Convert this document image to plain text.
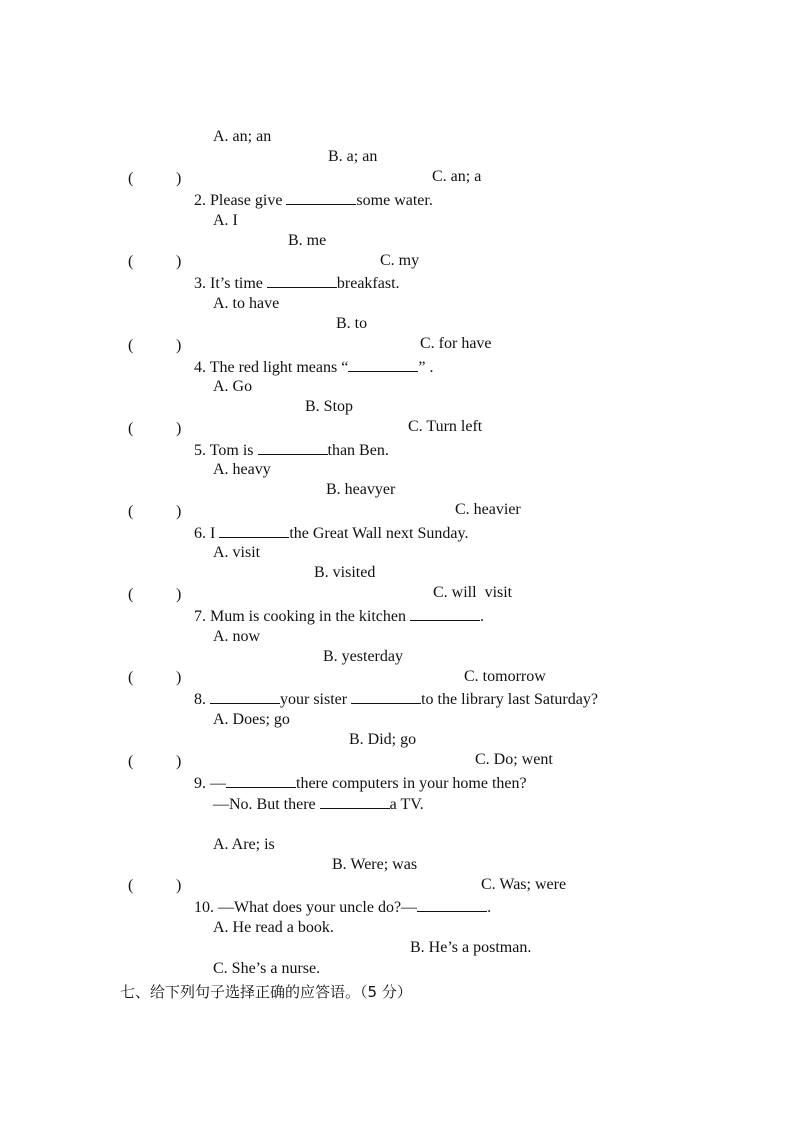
A. an; an

B. a; an

C. an; a

(	)

2. Please give	some water.

A. I

B. me

C. my

(	)

3. It’s time	breakfast.

A. to have

B. to

C. for have

(	)

4. The red light means “	” .

A. Go

B. Stop

C. Turn left

(	)

5. Tom is	than Ben.

A. heavy

B. heavyer

C. heavier

(	)

6. I	the Great Wall next Sunday.

A. visit

B. visited

C. will  visit

(	)

7. Mum is cooking in the kitchen	.

A. now

B. yesterday

C. tomorrow

(	)

8.	your sister	to the library last Saturday?

A. Does; go

B. Did; go

C. Do; went

(	)

9. —	there computers in your home then?

—No. But there	a TV.

A. Are; is

B. Were; was

C. Was; were

(	)

10. —What does your uncle do?—	.

A. He read a book.

B. He’s a postman.

C. She’s a nurse.

七、给下列句子选择正确的应答语。（5 分）
